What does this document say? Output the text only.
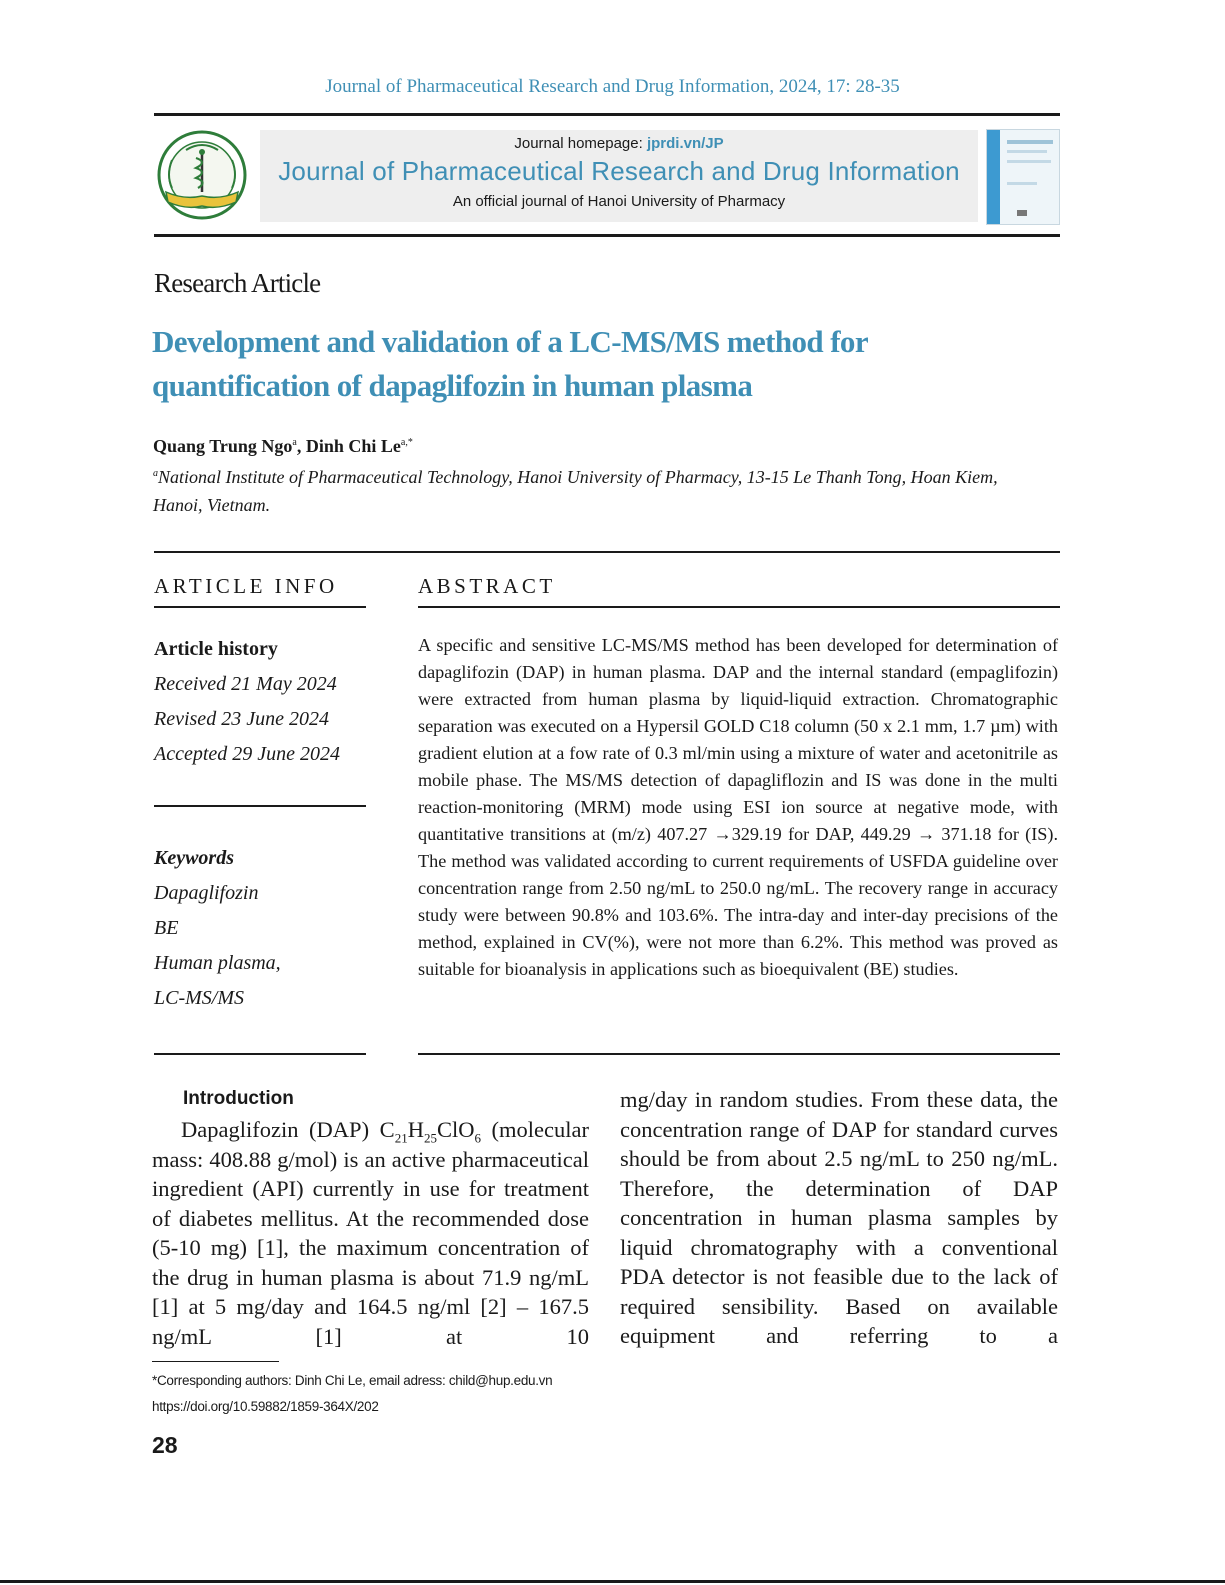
Journal of Pharmaceutical Research and Drug Information, 2024, 17: 28-35
Journal homepage: jprdi.vn/JP
Journal of Pharmaceutical Research and Drug Information
An official journal of Hanoi University of Pharmacy
Research Article
Development and validation of a LC-MS/MS method for quantification of dapaglifozin in human plasma
Quang Trung Ngo$^a$, Dinh Chi $Le^{a,*}$
$^a$National Institute of Pharmaceutical Technology, Hanoi University of Pharmacy, 13-15 Le Thanh Tong, Hoan Kiem, Hanoi, Vietnam.
ARTICLE INFO
Article history
Received 21 May 2024
Revised 23 June 2024
Accepted 29 June 2024
Keywords
Dapaglifozin
BE
Human plasma,
LC-MS/MS
ABSTRACT
A specific and sensitive LC-MS/MS method has been developed for determination of dapaglifozin (DAP) in human plasma. DAP and the internal standard (empaglifozin) were extracted from human plasma by liquid-liquid extraction. Chromatographic separation was executed on a Hypersil GOLD C18 column (50 x 2.1 mm, 1.7 µm) with gradient elution at a fow rate of 0.3 ml/min using a mixture of water and acetonitrile as mobile phase. The MS/MS detection of dapagliflozin and IS was done in the multi reaction-monitoring (MRM) mode using ESI ion source at negative mode, with quantitative transitions at (m/z) 407.27 →329.19 for DAP, 449.29 → 371.18 for (IS). The method was validated according to current requirements of USFDA guideline over concentration range from 2.50 ng/mL to 250.0 ng/mL. The recovery range in accuracy study were between 90.8% and 103.6%. The intra-day and inter-day precisions of the method, explained in CV(%), were not more than 6.2%. This method was proved as suitable for bioanalysis in applications such as bioequivalent (BE) studies.
Introduction
Dapaglifozin (DAP) $C_{21}H_{25}ClO_6$ (molecular mass: 408.88 g/mol) is an active pharmaceutical ingredient (API) currently in use for treatment of diabetes mellitus. At the recommended dose (5-10 mg) [1], the maximum concentration of the drug in human plasma is about 71.9 ng/mL [1] at 5 mg/day and 164.5 ng/ml [2] – 167.5 ng/mL [1] at 10
mg/day in random studies. From these data, the concentration range of DAP for standard curves should be from about 2.5 ng/mL to 250 ng/mL. Therefore, the determination of DAP concentration in human plasma samples by liquid chromatography with a conventional PDA detector is not feasible due to the lack of required sensibility. Based on available equipment and referring to a
*Corresponding authors: Dinh Chi Le, email adress: child@hup.edu.vn
https://doi.org/10.59882/1859-364X/202
28
